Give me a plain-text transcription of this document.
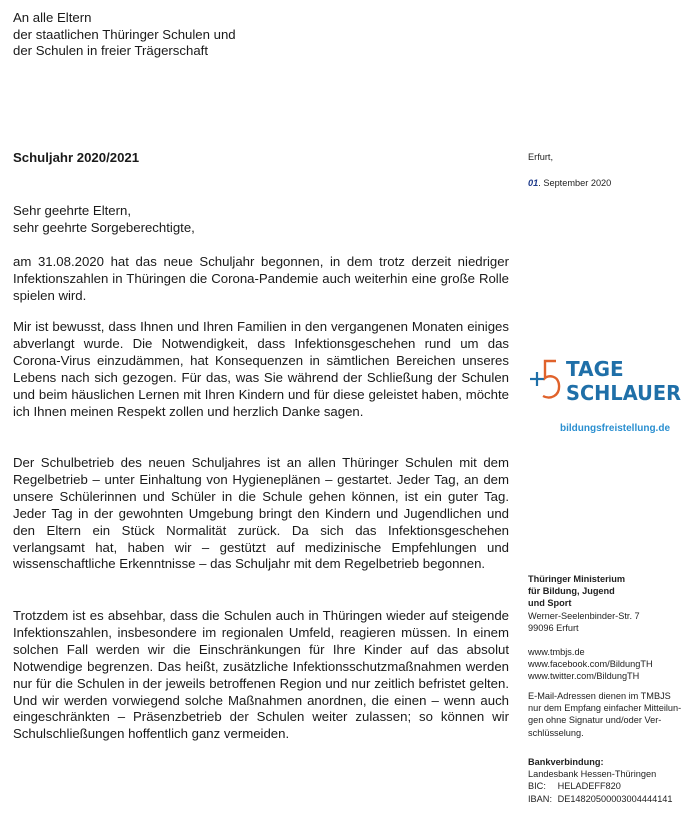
An alle Eltern
der staatlichen Thüringer Schulen und
der Schulen in freier Trägerschaft
Schuljahr 2020/2021
Sehr geehrte Eltern,
sehr geehrte Sorgeberechtigte,

am 31.08.2020 hat das neue Schuljahr begonnen, in dem trotz derzeit niedriger Infektionszahlen in Thüringen die Corona-Pandemie auch weiterhin eine große Rolle spielen wird.

Mir ist bewusst, dass Ihnen und Ihren Familien in den vergangenen Monaten einiges abverlangt wurde. Die Notwendigkeit, dass Infektionsgeschehen rund um das Corona-Virus einzudämmen, hat Konsequenzen in sämtlichen Bereichen unseres Lebens nach sich gezogen. Für das, was Sie während der Schließung der Schulen und beim häuslichen Lernen mit Ihren Kindern und für diese geleistet haben, möchte ich Ihnen meinen Respekt zollen und herzlich Danke sagen.

Der Schulbetrieb des neuen Schuljahres ist an allen Thüringer Schulen mit dem Regelbetrieb – unter Einhaltung von Hygieneplänen – gestartet. Jeder Tag, an dem unsere Schülerinnen und Schüler in die Schule gehen können, ist ein guter Tag. Jeder Tag in der gewohnten Umgebung bringt den Kindern und Jugendlichen und den Eltern ein Stück Normalität zurück. Da sich das Infektionsgeschehen verlangsamt hat, haben wir – gestützt auf medizinische Empfehlungen und wissenschaftliche Erkenntnisse – das Schuljahr mit dem Regelbetrieb begonnen.

Trotzdem ist es absehbar, dass die Schulen auch in Thüringen wieder auf steigende Infektionszahlen, insbesondere im regionalen Umfeld, reagieren müssen. In einem solchen Fall werden wir die Einschränkungen für Ihre Kinder auf das absolut Notwendige begrenzen. Das heißt, zusätzliche Infektionsschutzmaßnahmen werden nur für die Schulen in der jeweils betroffenen Region und nur zeitlich befristet gelten. Und wir werden vorwiegend solche Maßnahmen anordnen, die einen – wenn auch eingeschränkten – Präsenzbetrieb der Schulen weiter zulassen; so können wir Schulschließungen hoffentlich ganz vermeiden.

Erfurt,
01. September 2020
TAGE
SCHLAUER
bildungsfreistellung.de
Thüringer Ministerium
für Bildung, Jugend
und Sport
Werner-Seelenbinder-Str. 7
99096 Erfurt
www.tmbjs.de
www.facebook.com/BildungTH
www.twitter.com/BildungTH
E-Mail-Adressen dienen im TMBJS
nur dem Empfang einfacher Mitteilun-
gen ohne Signatur und/oder Ver-
schlüsselung.
Bankverbindung:
Landesbank Hessen-Thüringen
BIC: HELADEFF820
IBAN: DE14820500003004444141
